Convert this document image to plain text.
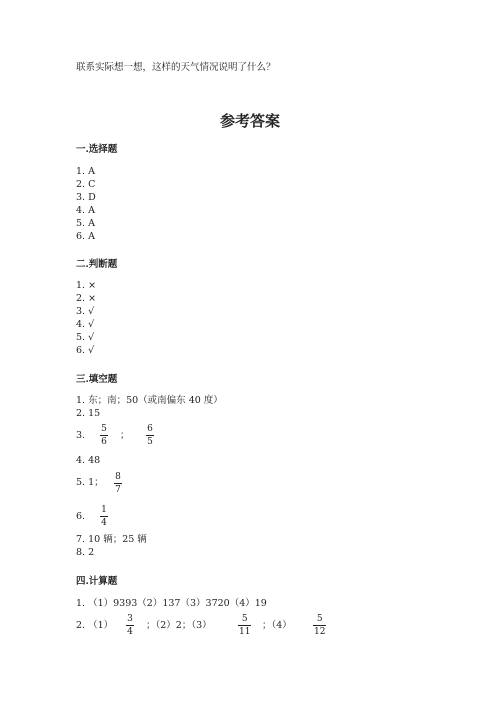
联系实际想一想，这样的天气情况说明了什么？
参考答案
一.选择题
1. A
2. C
3. D
4. A
5. A
6. A
二.判断题
1. ×
2. ×
3. √
4. √
5. √
6. √
三.填空题
1. 东；南；50（或南偏东 40 度）
2. 15
3.
5
6
；
6
5
4. 48
5. 1； 8
7
6.
1
4
7. 10 辆；25 辆
8. 2
四.计算题
1. （1）9393（2）137（3）3720（4）19
2. （1）
3
4
；（2）2；（3）
5
11
；（4）
5
12
